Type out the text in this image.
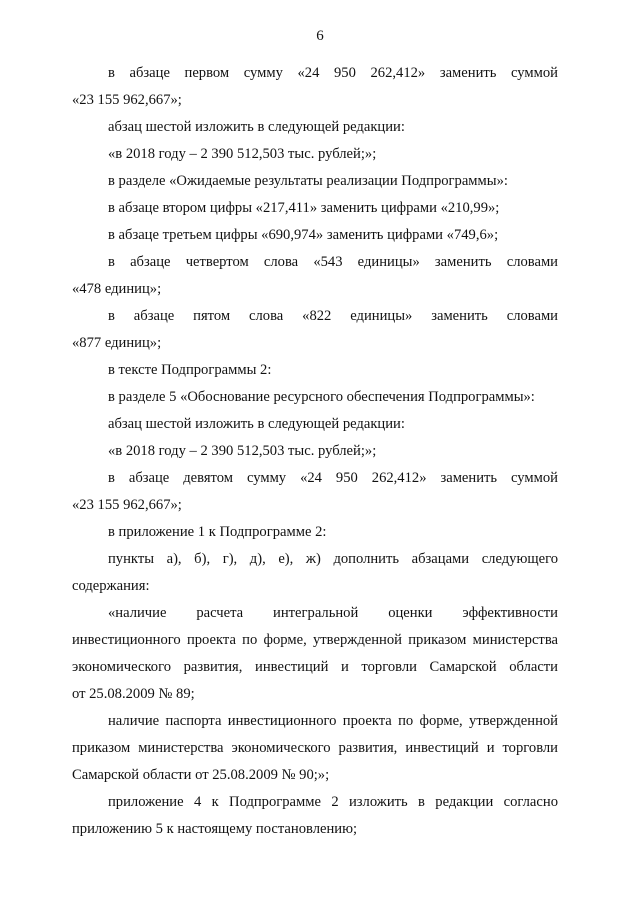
6

в абзаце первом сумму «24 950 262,412» заменить суммой

«23 155 962,667»;

абзац шестой изложить в следующей редакции:

«в 2018 году – 2 390 512,503 тыс. рублей;»;

в разделе «Ожидаемые результаты реализации Подпрограммы»:

в абзаце втором цифры «217,411» заменить цифрами «210,99»;

в абзаце третьем цифры «690,974» заменить цифрами «749,6»;

в абзаце четвертом слова «543 единицы» заменить словами

«478 единиц»;

в абзаце пятом слова «822 единицы» заменить словами

«877 единиц»;

в тексте Подпрограммы 2:

в разделе 5 «Обоснование ресурсного обеспечения Подпрограммы»:

абзац шестой изложить в следующей редакции:

«в 2018 году – 2 390 512,503 тыс. рублей;»;

в абзаце девятом сумму «24 950 262,412» заменить суммой

«23 155 962,667»;

в приложение 1 к Подпрограмме 2:

пункты а), б), г), д), е), ж) дополнить абзацами следующего

содержания:

«наличие расчета интегральной оценки эффективности

инвестиционного проекта по форме, утвержденной приказом министерства

экономического развития, инвестиций и торговли Самарской области

от 25.08.2009 № 89;

наличие паспорта инвестиционного проекта по форме, утвержденной

приказом министерства экономического развития, инвестиций и торговли

Самарской области от 25.08.2009 № 90;»;

приложение 4 к Подпрограмме 2 изложить в редакции согласно

приложению 5 к настоящему постановлению;
